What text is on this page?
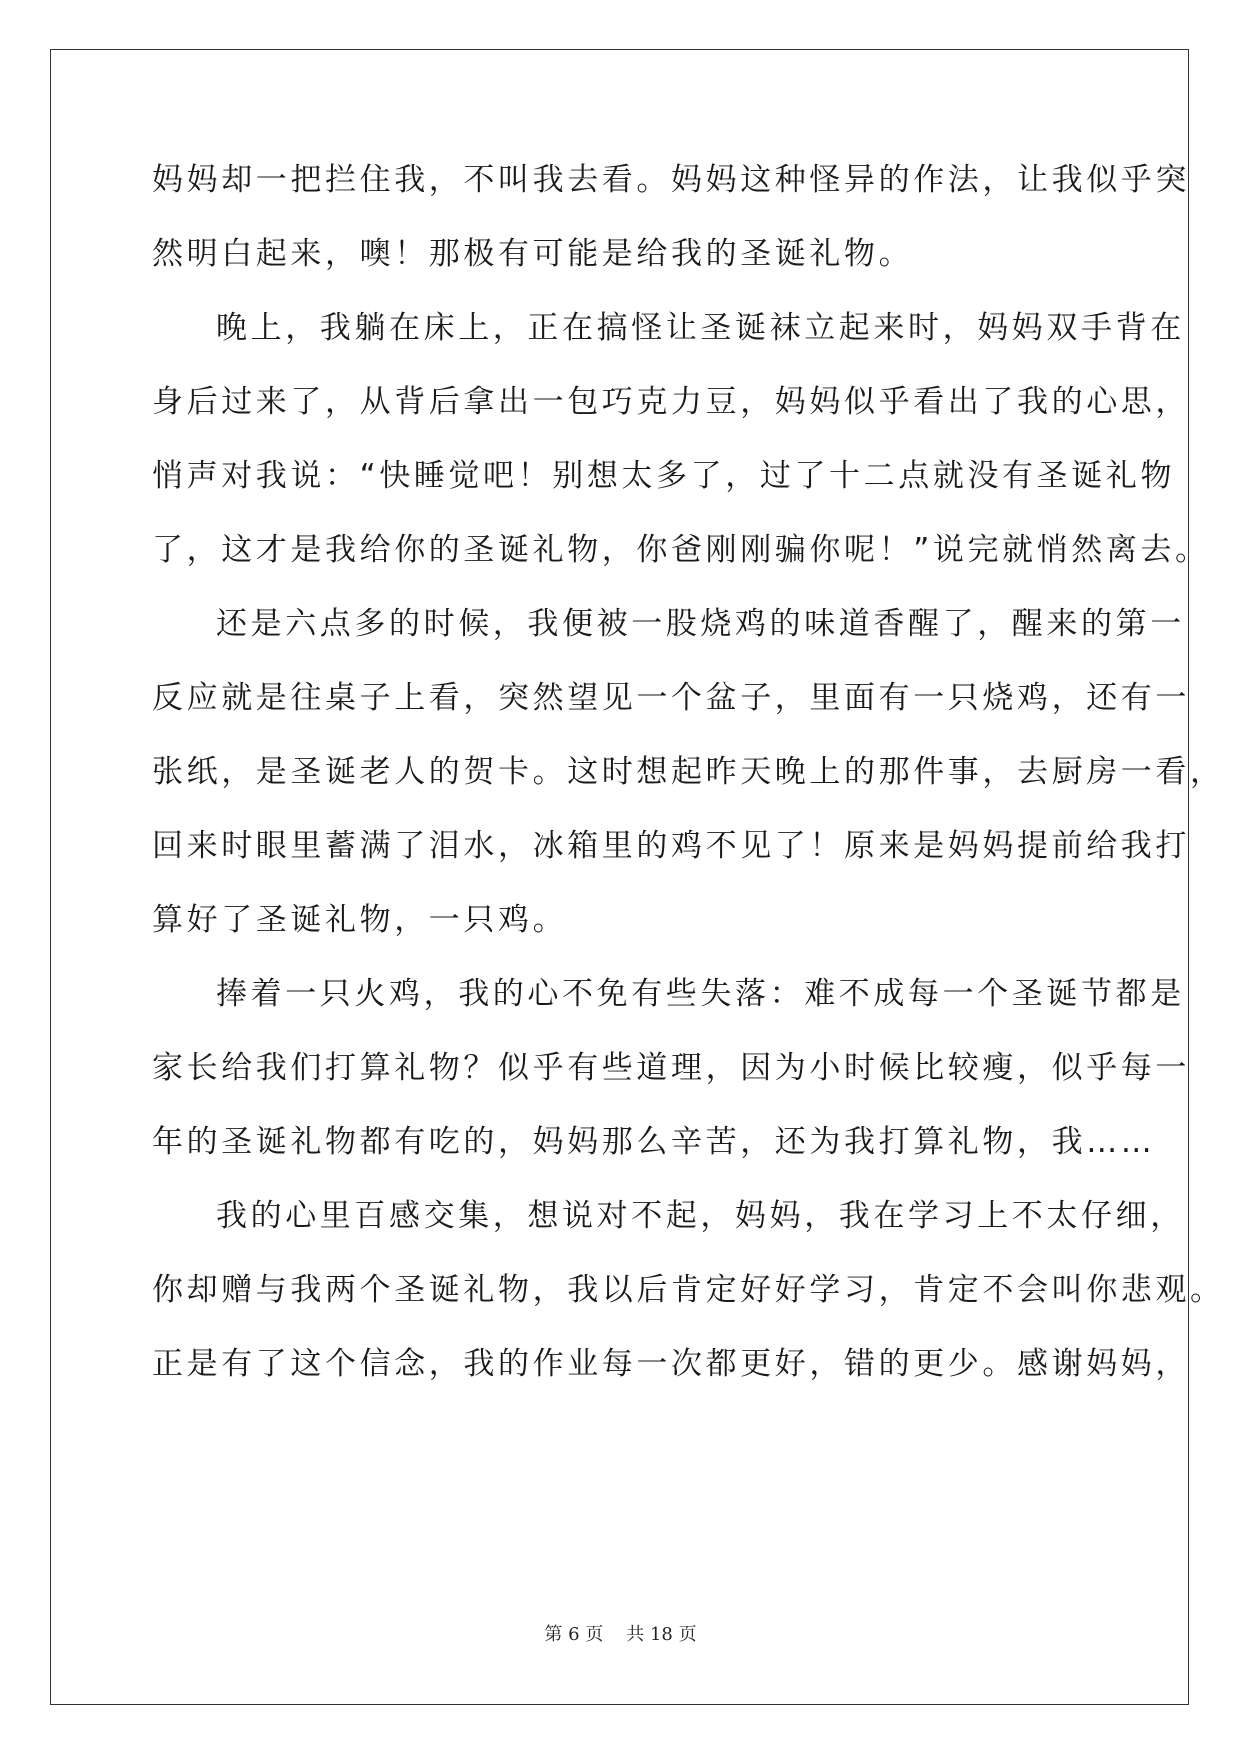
妈妈却一把拦住我，不叫我去看。妈妈这种怪异的作法，让我似乎突
然明白起来，噢！那极有可能是给我的圣诞礼物。
晚上，我躺在床上，正在搞怪让圣诞袜立起来时，妈妈双手背在
身后过来了，从背后拿出一包巧克力豆，妈妈似乎看出了我的心思，
悄声对我说：“快睡觉吧！别想太多了，过了十二点就没有圣诞礼物
了，这才是我给你的圣诞礼物，你爸刚刚骗你呢！”说完就悄然离去。
还是六点多的时候，我便被一股烧鸡的味道香醒了，醒来的第一
反应就是往桌子上看，突然望见一个盆子，里面有一只烧鸡，还有一
张纸，是圣诞老人的贺卡。这时想起昨天晚上的那件事，去厨房一看，
回来时眼里蓄满了泪水，冰箱里的鸡不见了！原来是妈妈提前给我打
算好了圣诞礼物，一只鸡。
捧着一只火鸡，我的心不免有些失落：难不成每一个圣诞节都是
家长给我们打算礼物？似乎有些道理，因为小时候比较瘦，似乎每一
年的圣诞礼物都有吃的，妈妈那么辛苦，还为我打算礼物，我……
我的心里百感交集，想说对不起，妈妈，我在学习上不太仔细，
你却赠与我两个圣诞礼物，我以后肯定好好学习，肯定不会叫你悲观。
正是有了这个信念，我的作业每一次都更好，错的更少。感谢妈妈，
第 6 页 共 18 页
